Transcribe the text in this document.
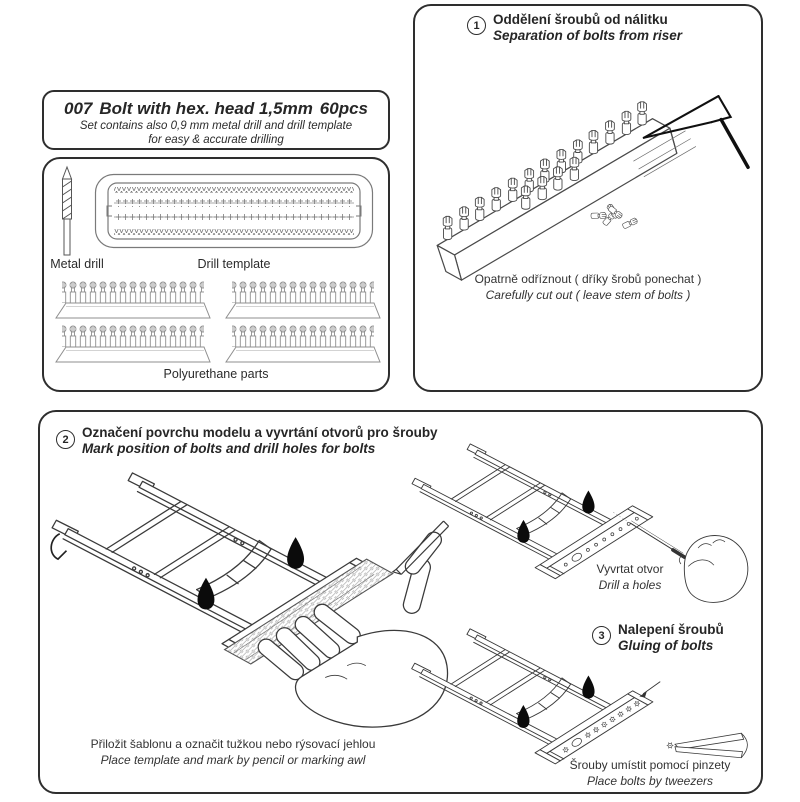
007 Bolt with hex. head 1,5mm 60pcs
Set contains also 0,9 mm metal drill and drill template
for easy & accurate drilling
Metal drill	Drill template
Polyurethane parts
1 Oddělení šroubů od nálitku
Separation of bolts from riser
Opatrně odříznout ( dříky šrobů ponechat )
Carefully cut out ( leave stem of bolts )
2 Označení povrchu modelu a vyvrtání otvorů pro šrouby
Mark position of bolts and drill holes for bolts
Přiložit šablonu a označit tužkou nebo rýsovací jehlou
Place template and mark by pencil or marking awl
Vyvrtat otvor
Drill a holes
3 Nalepení šroubů
Gluing of bolts
Šrouby umístit pomocí pinzety
Place bolts by tweezers
